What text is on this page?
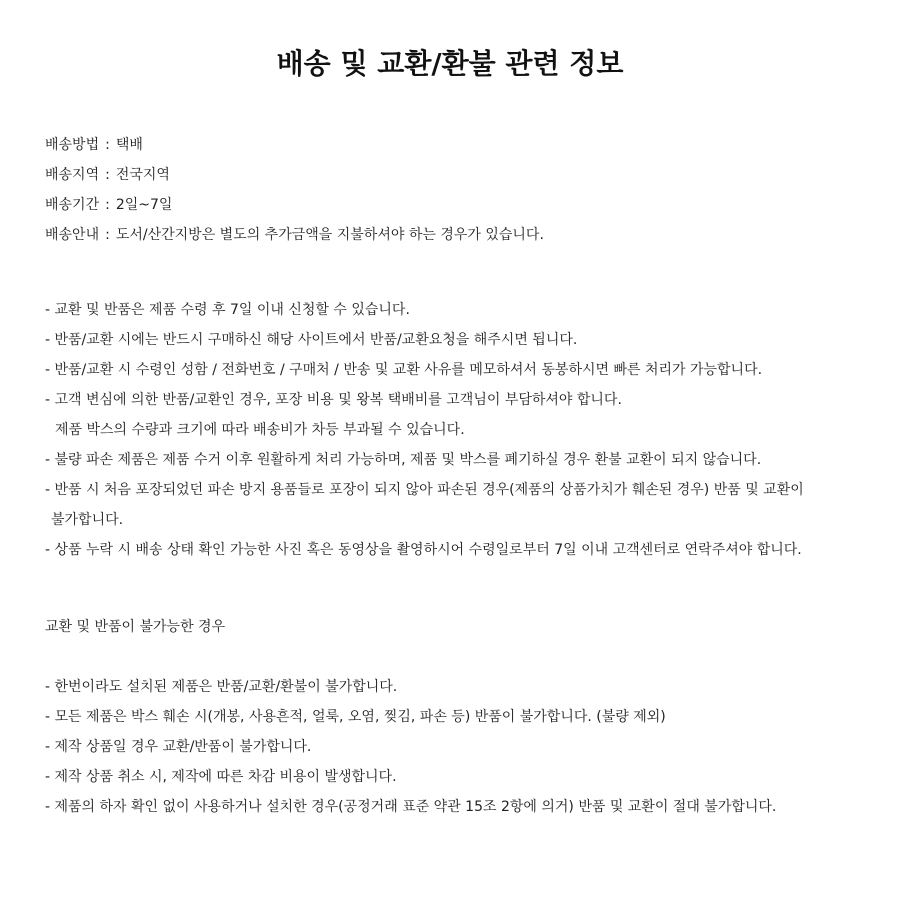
배송 및 교환/환불 관련 정보
배송방법 : 택배
배송지역 : 전국지역
배송기간 : 2일~7일
배송안내 : 도서/산간지방은 별도의 추가금액을 지불하셔야 하는 경우가 있습니다.
- 교환 및 반품은 제품 수령 후 7일 이내 신청할 수 있습니다.
- 반품/교환 시에는 반드시 구매하신 해당 사이트에서 반품/교환요청을 해주시면 됩니다.
- 반품/교환 시 수령인 성함 / 전화번호 / 구매처 / 반송 및 교환 사유를 메모하셔서 동봉하시면 빠른 처리가 가능합니다.
- 고객 변심에 의한 반품/교환인 경우, 포장 비용 및 왕복 택배비를 고객님이 부담하셔야 합니다.
제품 박스의 수량과 크기에 따라 배송비가 차등 부과될 수 있습니다.
- 불량 파손 제품은 제품 수거 이후 원활하게 처리 가능하며, 제품 및 박스를 폐기하실 경우 환불 교환이 되지 않습니다.
- 반품 시 처음 포장되었던 파손 방지 용품들로 포장이 되지 않아 파손된 경우(제품의 상품가치가 훼손된 경우) 반품 및 교환이
불가합니다.
- 상품 누락 시 배송 상태 확인 가능한 사진 혹은 동영상을 촬영하시어 수령일로부터 7일 이내 고객센터로 연락주셔야 합니다.
교환 및 반품이 불가능한 경우
- 한번이라도 설치된 제품은 반품/교환/환불이 불가합니다.
- 모든 제품은 박스 훼손 시(개봉, 사용흔적, 얼룩, 오염, 찢김, 파손 등) 반품이 불가합니다. (불량 제외)
- 제작 상품일 경우 교환/반품이 불가합니다.
- 제작 상품 취소 시, 제작에 따른 차감 비용이 발생합니다.
- 제품의 하자 확인 없이 사용하거나 설치한 경우(공정거래 표준 약관 15조 2항에 의거) 반품 및 교환이 절대 불가합니다.
